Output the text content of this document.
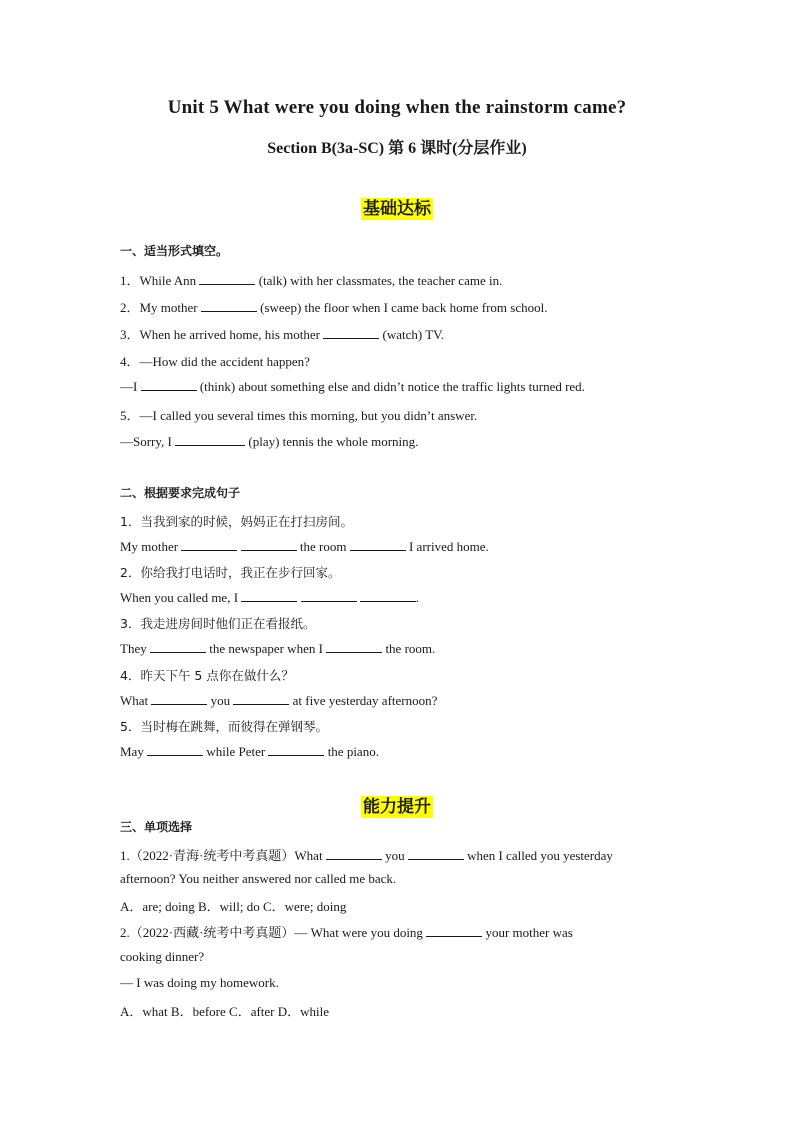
Unit 5 What were you doing when the rainstorm came?
Section B(3a-SC) 第 6 课时(分层作业)
基础达标
一、适当形式填空。
1．While Ann	(talk) with her classmates, the teacher came in.
2．My mother	(sweep) the floor when I came back home from school.
3．When he arrived home, his mother	(watch) TV.
4．—How did the accident happen?
—I	(think) about something else and didn’t notice the traffic lights turned red.
5．—I called you several times this morning, but you didn’t answer.
—Sorry, I	(play) tennis the whole morning.
二、根据要求完成句子
1．当我到家的时候，妈妈正在打扫房间。
My mother	the room	I arrived home.
2．你给我打电话时，我正在步行回家。
When you called me, I	.
3．我走进房间时他们正在看报纸。
They	the newspaper when I	the room.
4．昨天下午 5 点你在做什么？
What	you	at five yesterday afternoon?
5．当时梅在跳舞，而彼得在弹钢琴。
May	while Peter	the piano.
能力提升
三、单项选择
1.（2022·青海·统考中考真题）What	you	when I called you yesterday
afternoon? You neither answered nor called me back.
A．are; doing B．will; do C．were; doing
2.（2022·西藏·统考中考真题）— What were you doing	your mother was
cooking dinner?
— I was doing my homework.
A．what B．before C．after D．while
